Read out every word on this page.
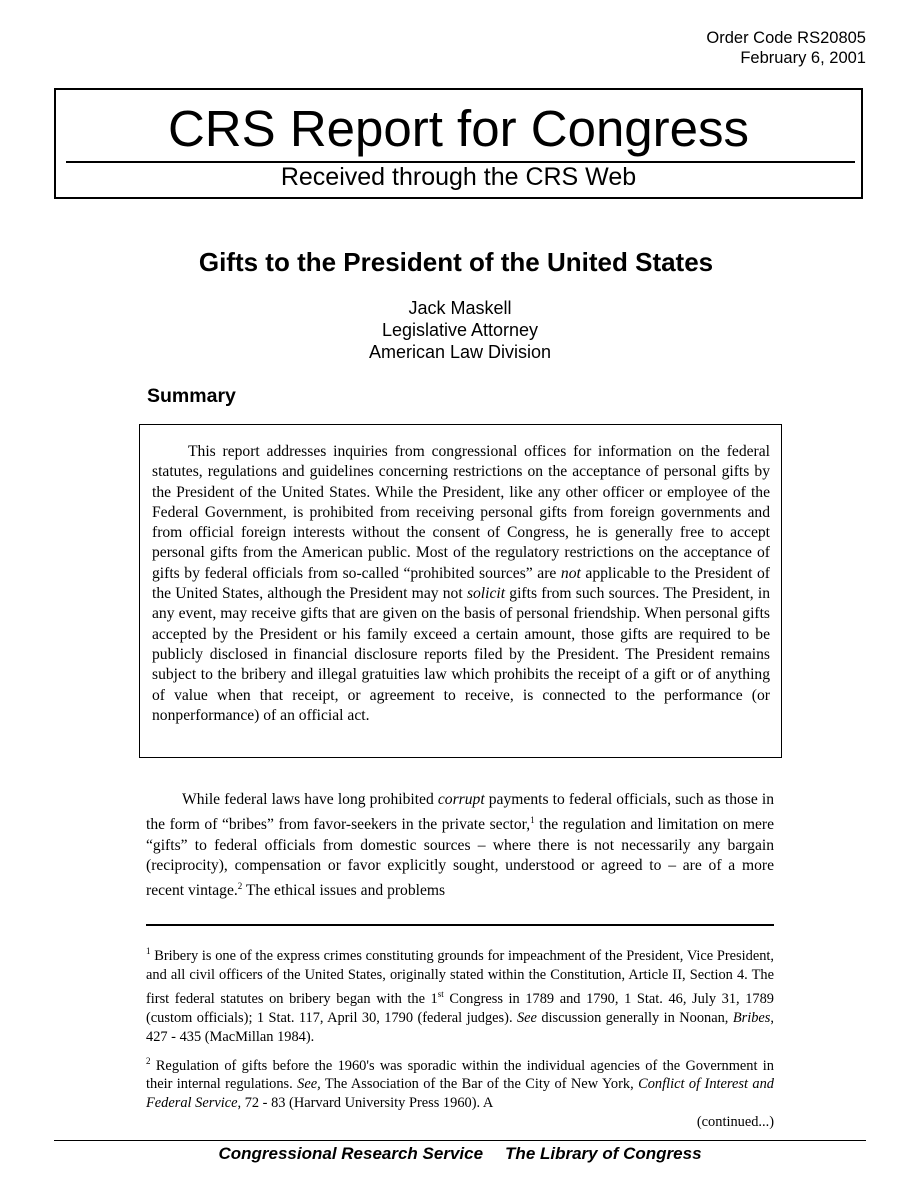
Order Code RS20805
February 6, 2001
CRS Report for Congress
Received through the CRS Web
Gifts to the President of the United States
Jack Maskell
Legislative Attorney
American Law Division
Summary

This report addresses inquiries from congressional offices for information on the federal statutes, regulations and guidelines concerning restrictions on the acceptance of personal gifts by the President of the United States. While the President, like any other officer or employee of the Federal Government, is prohibited from receiving personal gifts from foreign governments and from official foreign interests without the consent of Congress, he is generally free to accept personal gifts from the American public. Most of the regulatory restrictions on the acceptance of gifts by federal officials from so-called “prohibited sources” are not applicable to the President of the United States, although the President may not solicit gifts from such sources. The President, in any event, may receive gifts that are given on the basis of personal friendship. When personal gifts accepted by the President or his family exceed a certain amount, those gifts are required to be publicly disclosed in financial disclosure reports filed by the President. The President remains subject to the bribery and illegal gratuities law which prohibits the receipt of a gift or of anything of value when that receipt, or agreement to receive, is connected to the performance (or nonperformance) of an official act.

While federal laws have long prohibited corrupt payments to federal officials, such as those in the form of “bribes” from favor-seekers in the private sector,$^1$ the regulation and limitation on mere “gifts” to federal officials from domestic sources – where there is not necessarily any bargain (reciprocity), compensation or favor explicitly sought, understood or agreed to – are of a more recent vintage.$^2$ The ethical issues and problems

$^1$ Bribery is one of the express crimes constituting grounds for impeachment of the President, Vice President, and all civil officers of the United States, originally stated within the Constitution, Article II, Section 4. The first federal statutes on bribery began with the 1st Congress in 1789 and 1790, 1 Stat. 46, July 31, 1789 (custom officials); 1 Stat. 117, April 30, 1790 (federal judges). See discussion generally in Noonan, Bribes, 427 - 435 (MacMillan 1984).

$^2$ Regulation of gifts before the 1960's was sporadic within the individual agencies of the Government in their internal regulations. See, The Association of the Bar of the City of New York, Conflict of Interest and Federal Service, 72 - 83 (Harvard University Press 1960). A

(continued...)

Congressional Research Service The Library of Congress
